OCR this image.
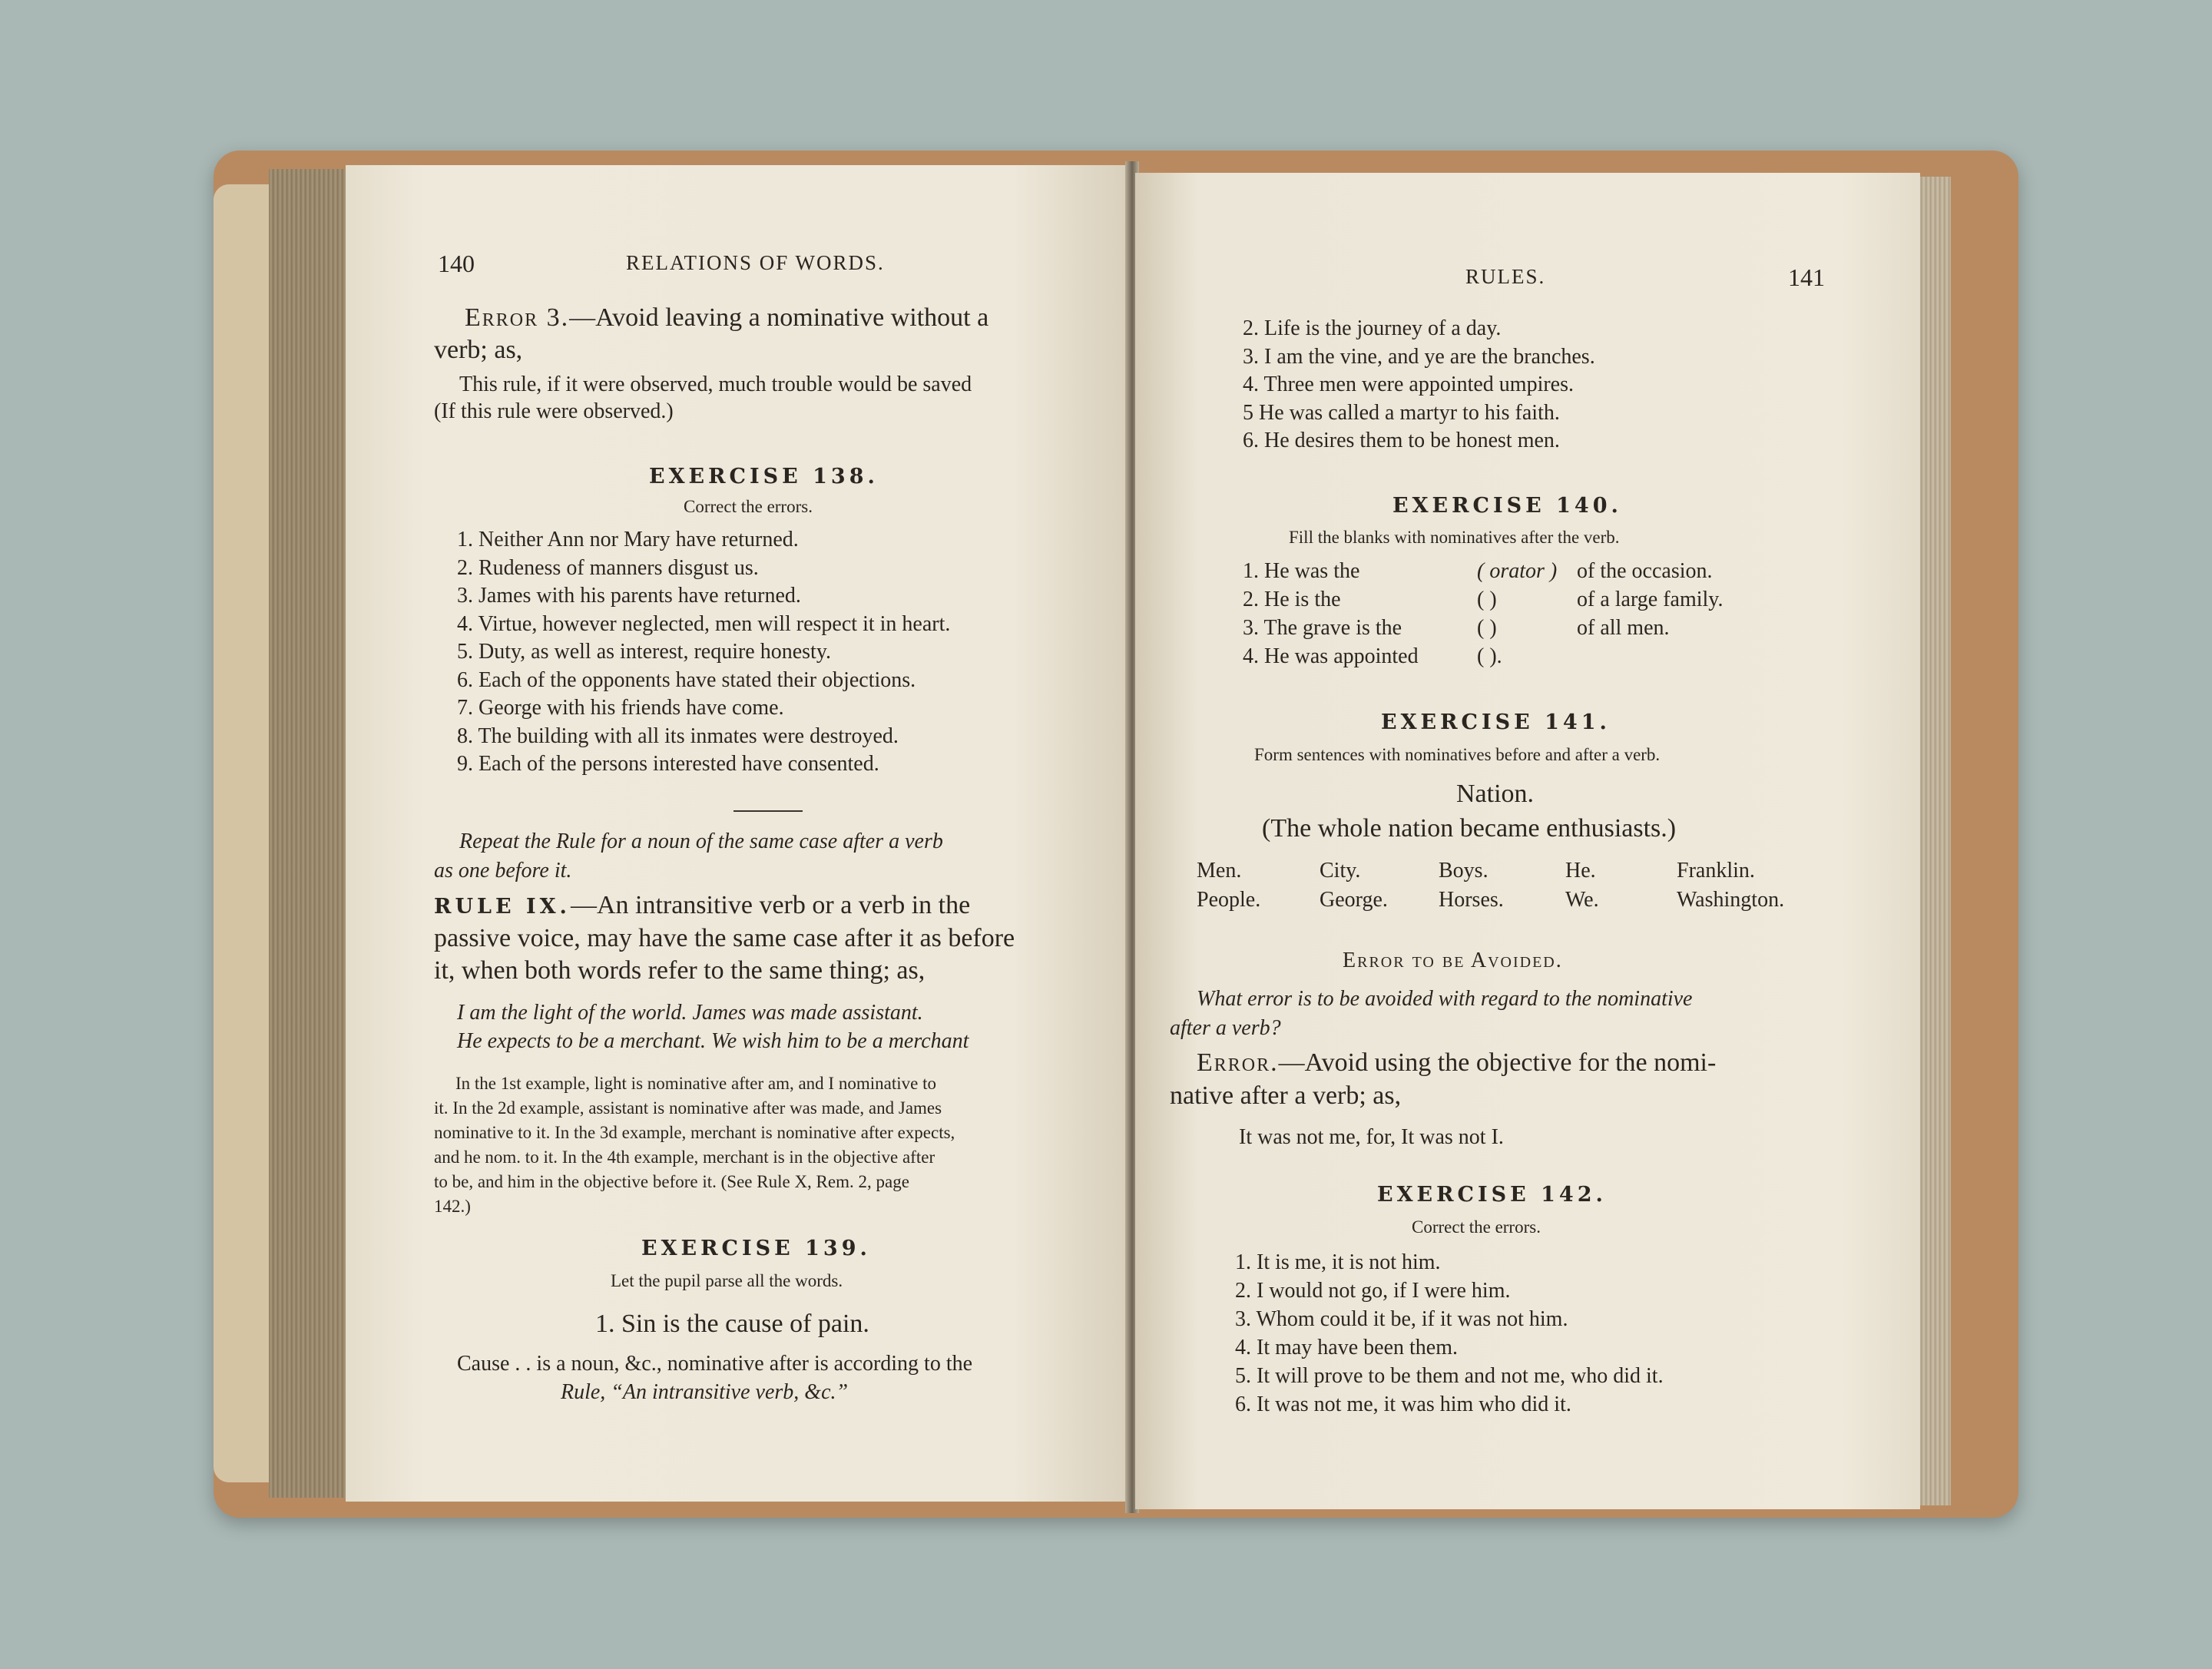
140	RELATIONS OF WORDS.
Error 3.—Avoid leaving a nominative without a
verb; as,
This rule, if it were observed, much trouble would be saved
(If this rule were observed.)
EXERCISE 138.
Correct the errors.
1. Neither Ann nor Mary have returned.
2. Rudeness of manners disgust us.
3. James with his parents have returned.
4. Virtue, however neglected, men will respect it in heart.
5. Duty, as well as interest, require honesty.
6. Each of the opponents have stated their objections.
7. George with his friends have come.
8. The building with all its inmates were destroyed.
9. Each of the persons interested have consented.
Repeat the Rule for a noun of the same case after a verb
as one before it.
RULE IX.—An intransitive verb or a verb in the
passive voice, may have the same case after it as before
it, when both words refer to the same thing; as,
I am the light of the world. James was made assistant.
He expects to be a merchant. We wish him to be a merchant
In the 1st example, light is nominative after am, and I nominative to
it. In the 2d example, assistant is nominative after was made, and James
nominative to it. In the 3d example, merchant is nominative after expects,
and he nom. to it. In the 4th example, merchant is in the objective after
to be, and him in the objective before it. (See Rule X, Rem. 2, page
142.)
EXERCISE 139.
Let the pupil parse all the words.
1. Sin is the cause of pain.
Cause . . is a noun, &c., nominative after is according to the
Rule, “An intransitive verb, &c.”
RULES.	141
2. Life is the journey of a day.
3. I am the vine, and ye are the branches.
4. Three men were appointed umpires.
5 He was called a martyr to his faith.
6. He desires them to be honest men.
EXERCISE 140.
Fill the blanks with nominatives after the verb.
1. He was the	( orator ) of the occasion.
2. He is the	( )	of a large family.
3. The grave is the	( )	of all men.
4. He was appointed	( ).
EXERCISE 141.
Form sentences with nominatives before and after a verb.
Nation.
(The whole nation became enthusiasts.)
Men.	City.	Boys.	He.	Franklin.
People.	George. Horses.	We.	Washington.
Error to be Avoided.
What error is to be avoided with regard to the nominative
after a verb?
Error.—Avoid using the objective for the nomi-
native after a verb; as,
It was not me, for, It was not I.
EXERCISE 142.
Correct the errors.
1. It is me, it is not him.
2. I would not go, if I were him.
3. Whom could it be, if it was not him.
4. It may have been them.
5. It will prove to be them and not me, who did it.
6. It was not me, it was him who did it.
